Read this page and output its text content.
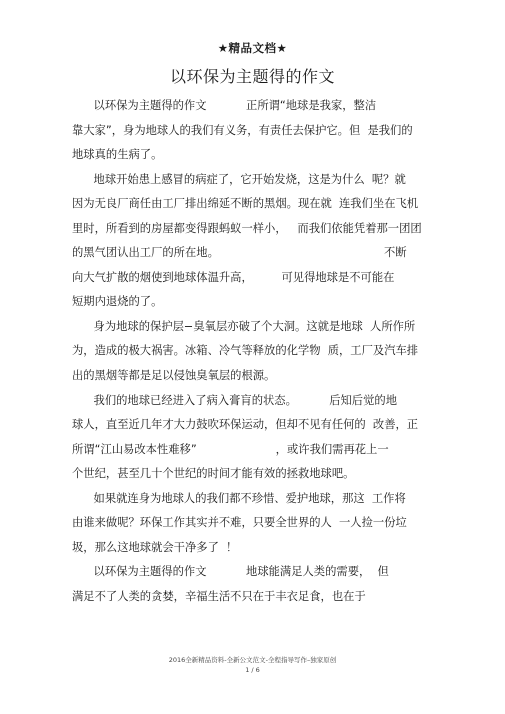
★精品文档★
以环保为主题得的作文
以环保为主题得的作文           正所谓“地球是我家，整洁
靠大家”，身为地球人的我们有义务，有责任去保护它。但  是我们的
地球真的生病了。
地球开始患上感冒的病症了，它开始发烧，这是为什么  呢？就
因为无良厂商任由工厂排出绵延不断的黑烟。现在就  连我们坐在飞机
里时，所看到的房屋都变得跟蚂蚁一样小，   而我们依能凭着那一团团
的黑气团认出工厂的所在地。                                              不断
向大气扩散的烟使到地球体温升高，        可见得地球是不可能在
短期内退烧的了。
身为地球的保护层−臭氧层亦破了个大洞。这就是地球  人所作所
为，造成的极大祸害。冰箱、冷气等释放的化学物  质，工厂及汽车排
出的黑烟等都是足以侵蚀臭氧层的根源。
我们的地球已经进入了病入膏肓的状态。         后知后觉的地
球人，直至近几年才大力鼓吹环保运动，但却不见有任何的  改善，正
所谓“江山易改本性难移”                      ，或许我们需再花上一
个世纪，甚至几十个世纪的时间才能有效的拯救地球吧。
如果就连身为地球人的我们都不珍惜、爱护地球，那这  工作将
由谁来做呢？环保工作其实并不难，只要全世界的人  一人捡一份垃
圾，那么这地球就会干净多了  ！
以环保为主题得的作文           地球能满足人类的需要，  但
满足不了人类的贪婪，辛福生活不只在于丰衣足食，也在于
2016全新精品资料-全新公文范文-全程指导写作–独家原创
1 / 6
